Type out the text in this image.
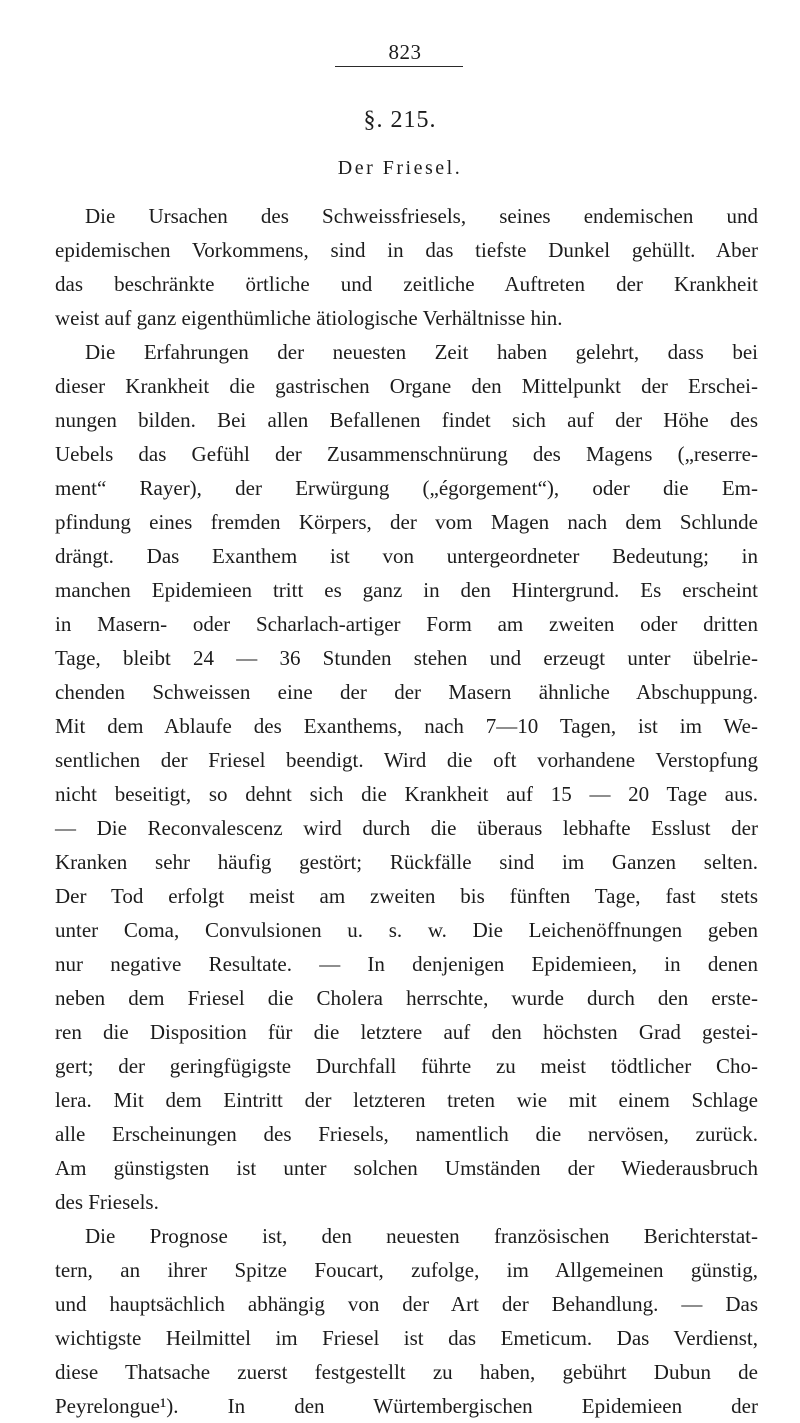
823
§. 215.
Der Friesel.
Die Ursachen des Schweissfriesels, seines endemischen und
epidemischen Vorkommens, sind in das tiefste Dunkel gehüllt. Aber
das beschränkte örtliche und zeitliche Auftreten der Krankheit
weist auf ganz eigenthümliche ätiologische Verhältnisse hin.
Die Erfahrungen der neuesten Zeit haben gelehrt, dass bei
dieser Krankheit die gastrischen Organe den Mittelpunkt der Erschei-
nungen bilden. Bei allen Befallenen findet sich auf der Höhe des
Uebels das Gefühl der Zusammenschnürung des Magens („reserre-
ment“ Rayer), der Erwürgung („égorgement“), oder die Em-
pfindung eines fremden Körpers, der vom Magen nach dem Schlunde
drängt. Das Exanthem ist von untergeordneter Bedeutung; in
manchen Epidemieen tritt es ganz in den Hintergrund. Es erscheint
in Masern- oder Scharlach-artiger Form am zweiten oder dritten
Tage, bleibt 24 — 36 Stunden stehen und erzeugt unter übelrie-
chenden Schweissen eine der der Masern ähnliche Abschuppung.
Mit dem Ablaufe des Exanthems, nach 7—10 Tagen, ist im We-
sentlichen der Friesel beendigt. Wird die oft vorhandene Verstopfung
nicht beseitigt, so dehnt sich die Krankheit auf 15 — 20 Tage aus.
— Die Reconvalescenz wird durch die überaus lebhafte Esslust der
Kranken sehr häufig gestört; Rückfälle sind im Ganzen selten.
Der Tod erfolgt meist am zweiten bis fünften Tage, fast stets
unter Coma, Convulsionen u. s. w. Die Leichenöffnungen geben
nur negative Resultate. — In denjenigen Epidemieen, in denen
neben dem Friesel die Cholera herrschte, wurde durch den erste-
ren die Disposition für die letztere auf den höchsten Grad gestei-
gert; der geringfügigste Durchfall führte zu meist tödtlicher Cho-
lera. Mit dem Eintritt der letzteren treten wie mit einem Schlage
alle Erscheinungen des Friesels, namentlich die nervösen, zurück.
Am günstigsten ist unter solchen Umständen der Wiederausbruch
des Friesels.
Die Prognose ist, den neuesten französischen Berichterstat-
tern, an ihrer Spitze Foucart, zufolge, im Allgemeinen günstig,
und hauptsächlich abhängig von der Art der Behandlung. — Das
wichtigste Heilmittel im Friesel ist das Emeticum. Das Verdienst,
diese Thatsache zuerst festgestellt zu haben, gebührt Dubun de
Peyrelongue¹). In den Würtembergischen Epidemieen der
